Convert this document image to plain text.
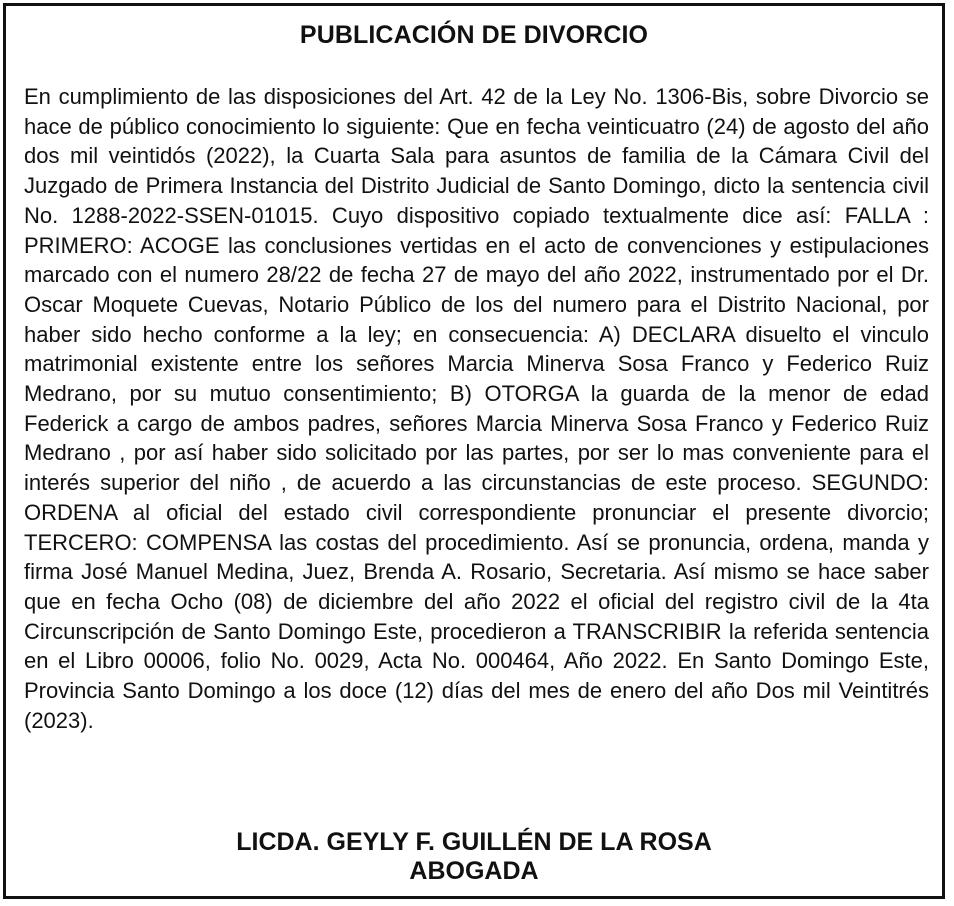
PUBLICACIÓN DE DIVORCIO

En cumplimiento de las disposiciones del Art. 42 de la Ley No. 1306-Bis, sobre Divorcio se hace de público conocimiento lo siguiente: Que en fecha veinticuatro (24) de agosto del año dos mil veintidós (2022), la Cuarta Sala para asuntos de familia de la Cámara Civil del Juzgado de Primera Instancia del Distrito Judicial de Santo Domingo, dicto la sentencia civil No. 1288-2022-SSEN-01015. Cuyo dispositivo copiado textualmente dice así: FALLA : PRIMERO: ACOGE las conclusiones vertidas en el acto de convenciones y estipulaciones marcado con el numero 28/22 de fecha 27 de mayo del año 2022, instrumentado por el Dr. Oscar Moquete Cuevas, Notario Público de los del numero para el Distrito Nacional, por haber sido hecho conforme a la ley; en consecuencia: A) DECLARA disuelto el vinculo matrimonial existente entre los señores Marcia Minerva Sosa Franco y Federico Ruiz Medrano, por su mutuo consentimiento; B) OTORGA la guarda de la menor de edad Federick a cargo de ambos padres, señores Marcia Minerva Sosa Franco y Federico Ruiz Medrano , por así haber sido solicitado por las partes, por ser lo mas conveniente para el interés superior del niño , de acuerdo a las circunstancias de este proceso. SEGUNDO: ORDENA al oficial del estado civil correspondiente pronunciar el presente divorcio; TERCERO: COMPENSA las costas del procedimiento. Así se pronuncia, ordena, manda y firma José Manuel Medina, Juez, Brenda A. Rosario, Secretaria. Así mismo se hace saber que en fecha Ocho (08) de diciembre del año 2022 el oficial del registro civil de la 4ta Circunscripción de Santo Domingo Este, procedieron a TRANSCRIBIR la referida sentencia en el Libro 00006, folio No. 0029, Acta No. 000464, Año 2022. En Santo Domingo Este, Provincia Santo Domingo a los doce (12) días del mes de enero del año Dos mil Veintitrés (2023).

LICDA. GEYLY F. GUILLÉN DE LA ROSA
ABOGADA
